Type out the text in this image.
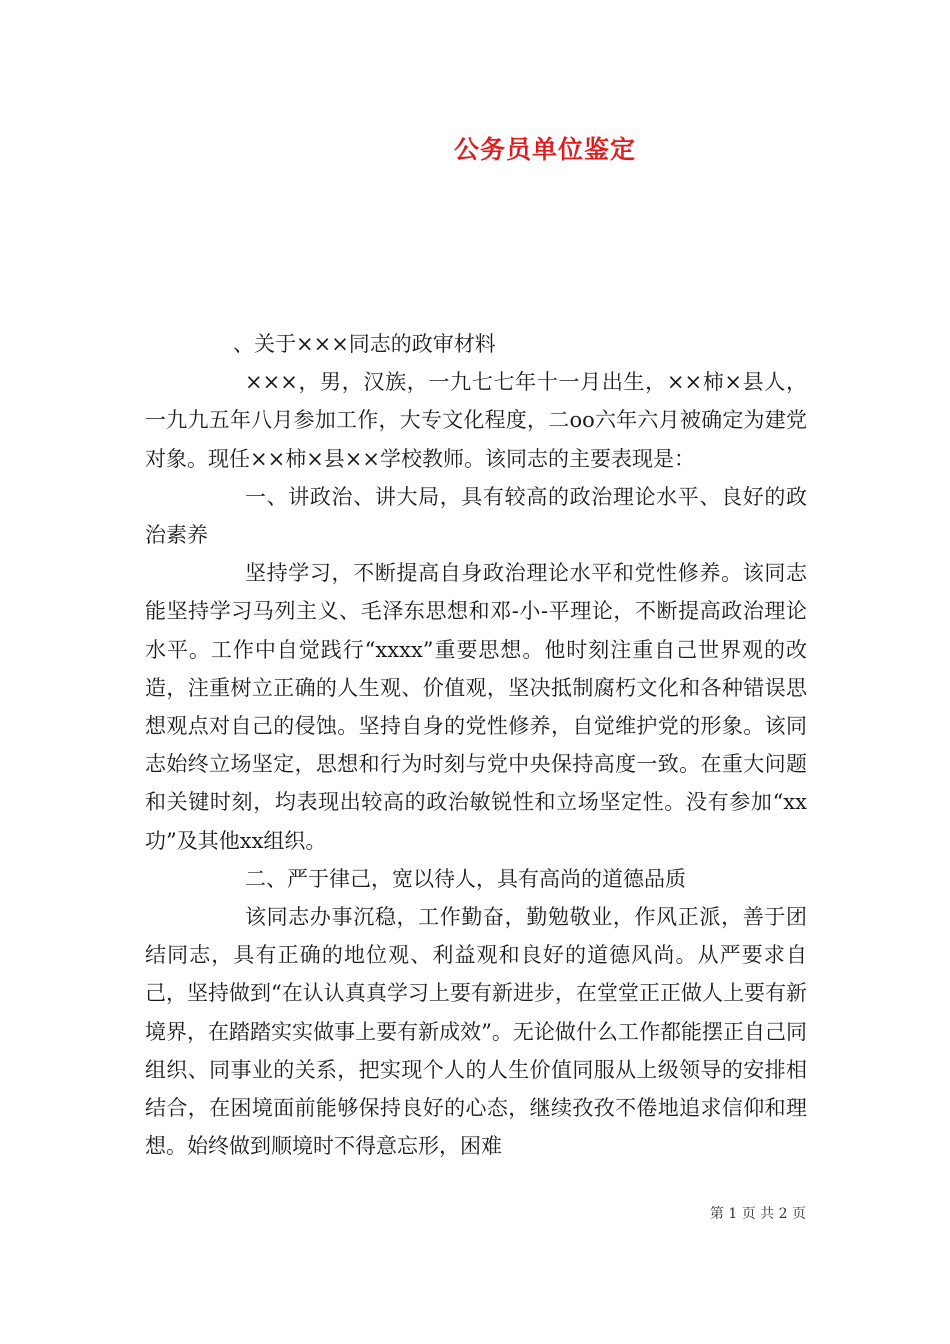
公务员单位鉴定

、关于×××同志的政审材料

×××，男，汉族，一九七七年十一月出生，××柿×县人，一九九五年八月参加工作，大专文化程度，二oo六年六月被确定为建党对象。现任××柿×县××学校教师。该同志的主要表现是：

一、讲政治、讲大局，具有较高的政治理论水平、良好的政治素养

坚持学习，不断提高自身政治理论水平和党性修养。该同志能坚持学习马列主义、毛泽东思想和邓-小-平理论，不断提高政治理论水平。工作中自觉践行“xxxx”重要思想。他时刻注重自己世界观的改造，注重树立正确的人生观、价值观，坚决抵制腐朽文化和各种错误思想观点对自己的侵蚀。坚持自身的党性修养，自觉维护党的形象。该同志始终立场坚定，思想和行为时刻与党中央保持高度一致。在重大问题和关键时刻，均表现出较高的政治敏锐性和立场坚定性。没有参加“xx功”及其他xx组织。

二、严于律己，宽以待人，具有高尚的道德品质

该同志办事沉稳，工作勤奋，勤勉敬业，作风正派，善于团结同志，具有正确的地位观、利益观和良好的道德风尚。从严要求自己，坚持做到“在认认真真学习上要有新进步，在堂堂正正做人上要有新境界，在踏踏实实做事上要有新成效”。无论做什么工作都能摆正自己同组织、同事业的关系，把实现个人的人生价值同服从上级领导的安排相结合，在困境面前能够保持良好的心态，继续孜孜不倦地追求信仰和理想。始终做到顺境时不得意忘形，困难

第 1 页 共 2 页
